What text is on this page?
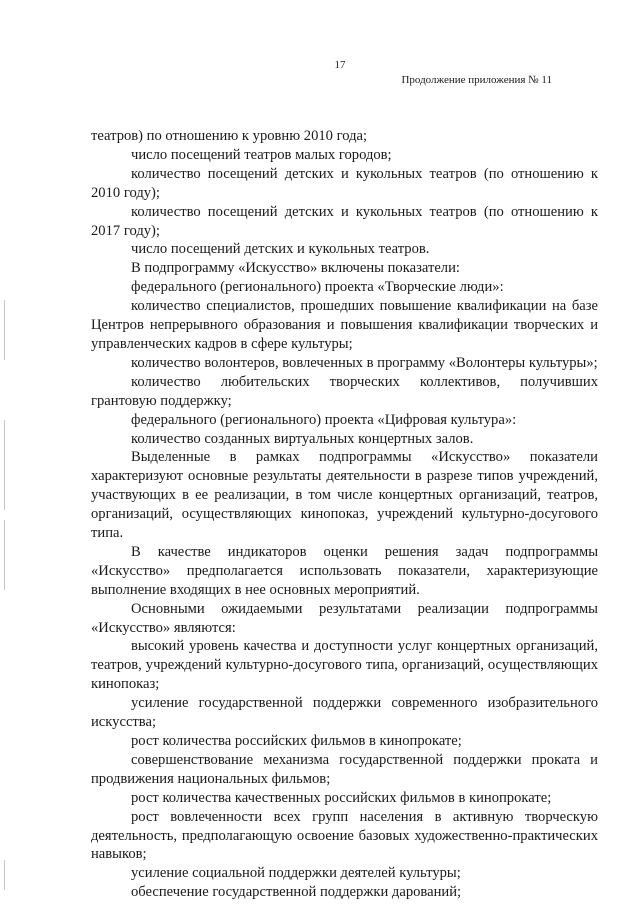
17
Продолжение приложения № 11

театров) по отношению к уровню 2010 года;

число посещений театров малых городов;

количество посещений детских и кукольных театров (по отношению к 2010 году);

количество посещений детских и кукольных театров (по отношению к 2017 году);

число посещений детских и кукольных театров.

В подпрограмму «Искусство» включены показатели:

федерального (регионального) проекта «Творческие люди»:

количество специалистов, прошедших повышение квалификации на базе Центров непрерывного образования и повышения квалификации творческих и управленческих кадров в сфере культуры;

количество волонтеров, вовлеченных в программу «Волонтеры культуры»;

количество любительских творческих коллективов, получивших грантовую поддержку;

федерального (регионального) проекта «Цифровая культура»:

количество созданных виртуальных концертных залов.

Выделенные в рамках подпрограммы «Искусство» показатели характеризуют основные результаты деятельности в разрезе типов учреждений, участвующих в ее реализации, в том числе концертных организаций, театров, организаций, осуществляющих кинопоказ, учреждений культурно-досугового типа.

В качестве индикаторов оценки решения задач подпрограммы «Искусство» предполагается использовать показатели, характеризующие выполнение входящих в нее основных мероприятий.

Основными ожидаемыми результатами реализации подпрограммы «Искусство» являются:

высокий уровень качества и доступности услуг концертных организаций, театров, учреждений культурно-досугового типа, организаций, осуществляющих кинопоказ;

усиление государственной поддержки современного изобразительного искусства;

рост количества российских фильмов в кинопрокате;

совершенствование механизма государственной поддержки проката и продвижения национальных фильмов;

рост количества качественных российских фильмов в кинопрокате;

рост вовлеченности всех групп населения в активную творческую деятельность, предполагающую освоение базовых художественно-практических навыков;

усиление социальной поддержки деятелей культуры;

обеспечение государственной поддержки дарований;
